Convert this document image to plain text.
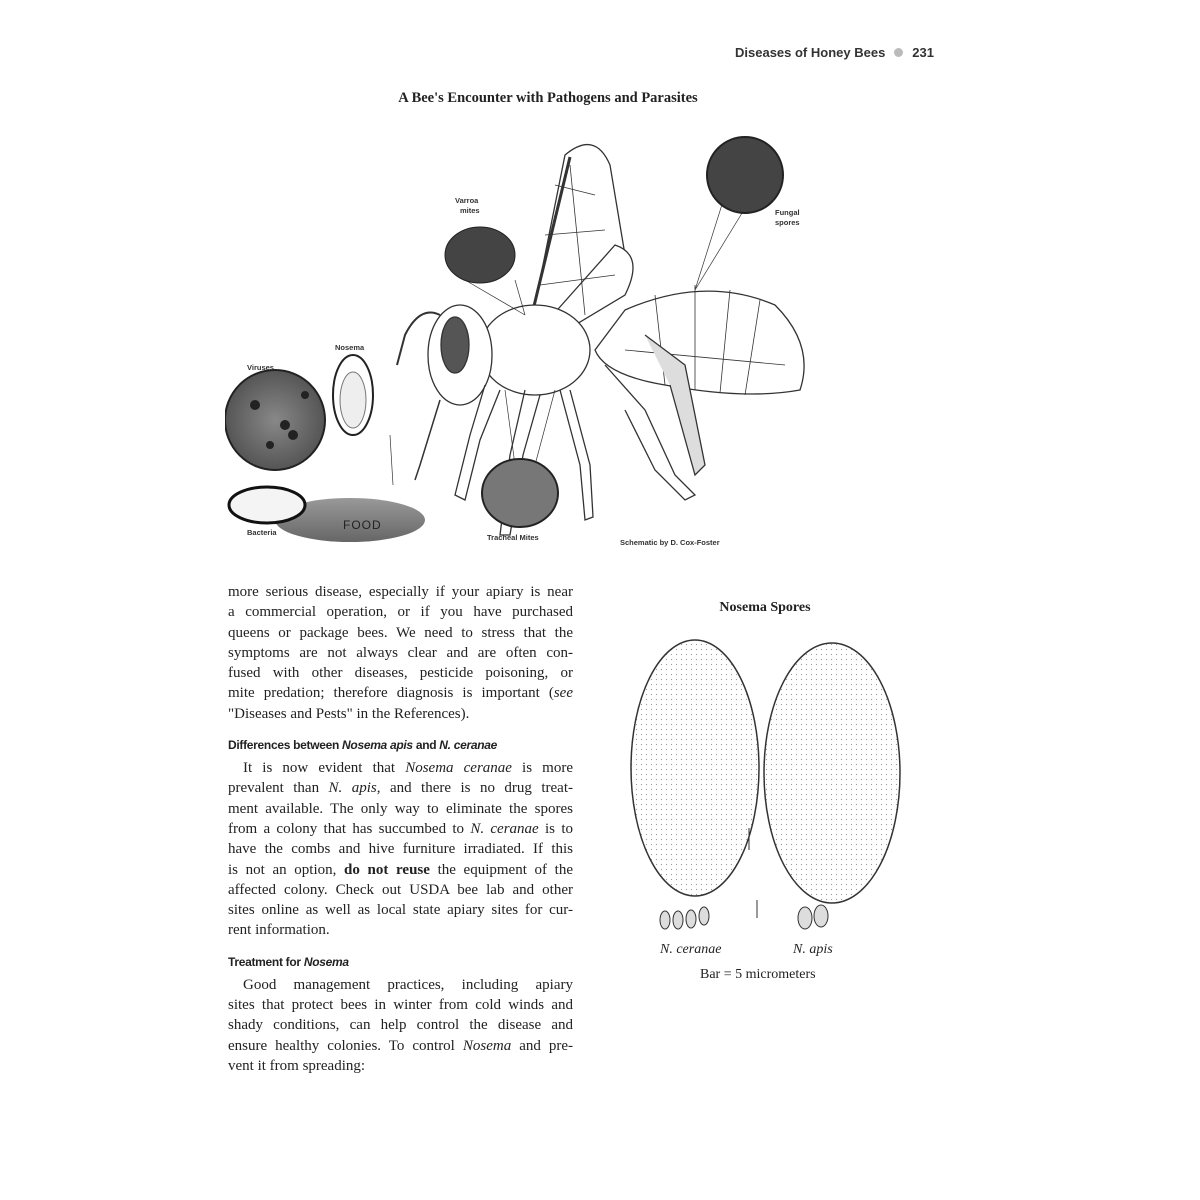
Diseases of Honey Bees 231
A Bee's Encounter with Pathogens and Parasites
Varroa
mites	Fungal
spores
Viruses
Nosema
Bacteria
FOOD
Tracheal Mites
Schematic by D. Cox-Foster
more serious disease, especially if your apiary is near
a commercial operation, or if you have purchased
queens or package bees. We need to stress that the
symptoms are not always clear and are often con-
fused with other diseases, pesticide poisoning, or
mite predation; therefore diagnosis is important (see
"Diseases and Pests" in the References).
Differences between Nosema apis and N. ceranae
It is now evident that Nosema ceranae is more
prevalent than N. apis, and there is no drug treat-
ment available. The only way to eliminate the spores
from a colony that has succumbed to N. ceranae is to
have the combs and hive furniture irradiated. If this
is not an option, do not reuse the equipment of the
affected colony. Check out USDA bee lab and other
sites online as well as local state apiary sites for cur-
rent information.
Treatment for Nosema
Good management practices, including apiary
sites that protect bees in winter from cold winds and
shady conditions, can help control the disease and
ensure healthy colonies. To control Nosema and pre-
vent it from spreading:
Nosema Spores
N. ceranae	N. apis
Bar = 5 micrometers
